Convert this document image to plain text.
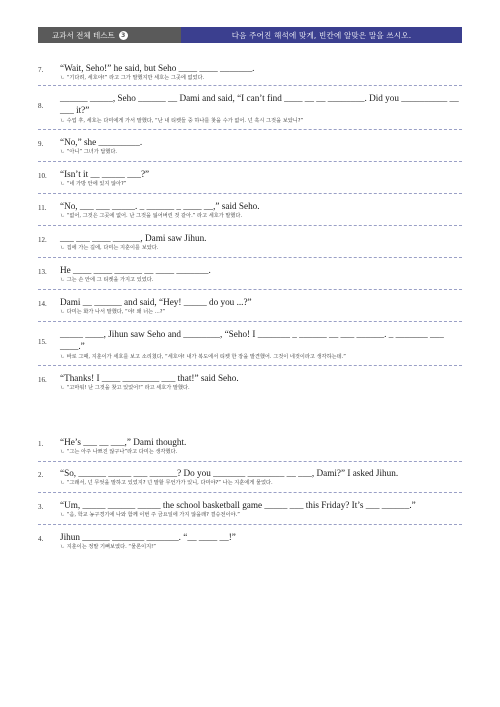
교과서 전체 테스트	3	다음 주어진 해석에 맞게, 빈칸에 알맞은 말을 쓰시오.
7. “Wait, Seho!” he said, but Seho ____ ____ _______.
ㄴ “기다려, 세호야!” 라고 그가 말했지만 세호는 그곳에 없었다.
8.
______ _____, Seho ______ __ Dami and said, “I can’t find ____ __ __ ________. Did you __________ __ ___ it?”
ㄴ 수업 후, 세호는 다미에게 가서 말했다, “난 내 티켓들 중 하나를 찾을 수가 없어. 넌 혹시 그것을 보았니?”
9. “No,” she _________.
ㄴ “아니” 그녀가 답했다.
10. “Isn’t it __ _____ ___?”
ㄴ “네 가방 안에 있지 않아?”
11. “No, ___ ___ _____. _ ______ _ ____ __,” said Seho.
ㄴ “없어, 그것은 그곳에 없어. 난 그것을 잃어버린 것 같아.” 라고 세호가 말했다.
12. ___ ___ ____ ______, Dami saw Jihun.
ㄴ 집에 가는 길에, 다미는 지훈이를 보았다.
13. He ____ ____ ______ __ ____ _______.
ㄴ 그는 손 안에 그 티켓을 가지고 있었다.
14. Dami __ ______ and said, “Hey! _____ do you ...?”
ㄴ 다미는 화가 나서 말했다, “야! 왜 너는 ...?”
15.
_____ ____, Jihun saw Seho and ________, “Seho! I _______ _ ______ __ ___ ______. _ _______ ___ ____.”
ㄴ 바로 그때, 지훈이가 세호를 보고 소리쳤다, “세호야! 내가 복도에서 티켓 한 장을 발견했어. 그것이 네것이라고 생각하는데.”
16. “Thanks! I ____ ________ ___ that!” said Seho.
ㄴ “고마워! 난 그것을 찾고 있었어!” 라고 세호가 말했다.
1. “He’s ___ __ ___,” Dami thought.
ㄴ “그는 아주 나쁘진 않구나”라고 다미는 생각했다.
2. “So, ______ _____ ___ ______? Do you _______ ________ __ ___, Dami?” I asked Jihun.
ㄴ “그래서, 넌 무엇을 말하고 있었지? 넌 말할 무언가가 있니, 다미야?” 나는 지훈에게 물었다.
3. “Um, _____ ______ _____ the school basketball game _____ ___ this Friday? It’s ___ ______.”
ㄴ “음, 학교 농구경기에 나와 함께 이번 주 금요일에 가지 않을래? 결승전이야.”
4. Jihun ______ _______ _______. “__ ____ __!”
ㄴ 지훈이는 정말 기뻐보였다. “물론이지!”
